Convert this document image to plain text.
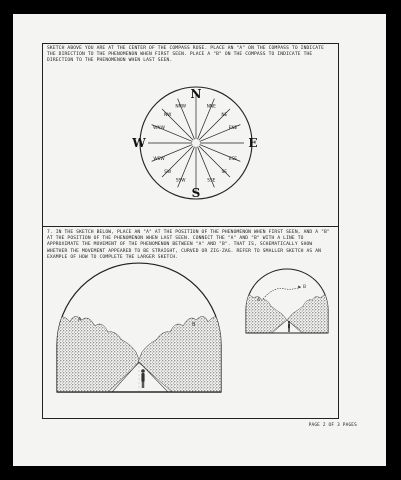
SKETCH ABOVE YOU ARE AT THE CENTER OF THE COMPASS ROSE. PLACE AN "A" ON THE COMPASS TO INDICATE THE DIRECTION TO THE PHENOMENON WHEN FIRST SEEN. PLACE A "B" ON THE COMPASS TO INDICATE THE DIRECTION TO THE PHENOMENON WHEN LAST SEEN.
NNE
NE
ENE
ESE
SE
SSE
SSW
SW
WSW
WNW
NW
NNW
N
S
E
W
7. IN THE SKETCH BELOW, PLACE AN "A" AT THE POSITION OF THE PHENOMENON WHEN FIRST SEEN, AND A "B" AT THE POSITION OF THE PHENOMENON WHEN LAST SEEN. CONNECT THE "A" AND "B" WITH A LINE TO APPROXIMATE THE MOVEMENT OF THE PHENOMENON BETWEEN "A" AND "B". THAT IS, SCHEMATICALLY SHOW WHETHER THE MOVEMENT APPEARED TO BE STRAIGHT, CURVED OR ZIG-ZAG. REFER TO SMALLER SKETCH AS AN EXAMPLE OF HOW TO COMPLETE THE LARGER SKETCH.
A
B
A
B
PAGE 2 OF 3 PAGES
